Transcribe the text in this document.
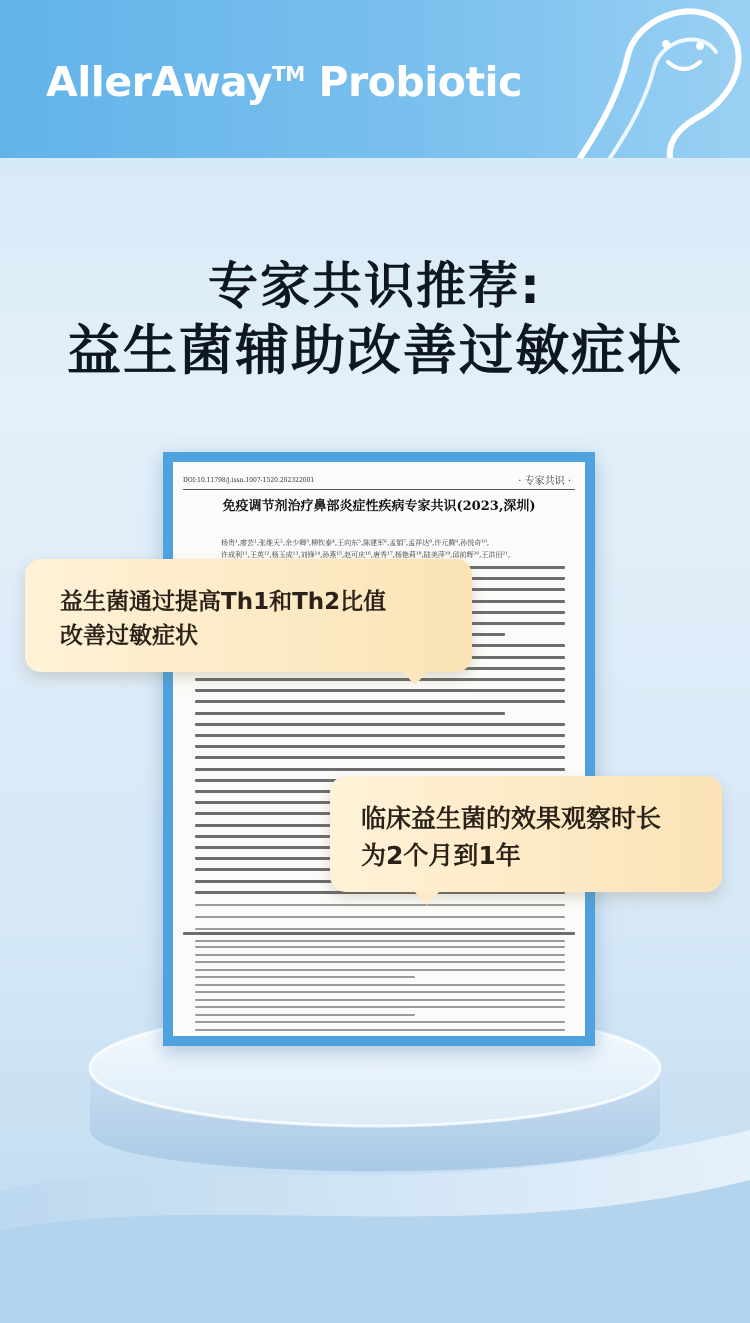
AllerAway™ Probiotic
专家共识推荐:
益生菌辅助改善过敏症状
DOI:10.11798/j.issn.1007-1520.202322001	· 专家共识 ·
免疫调节剂治疗鼻部炎症性疾病专家共识(2023,深圳)
杨贵¹,廖芸¹,张维天²,余少卿³,柳钦泰⁴,王向东⁵,陈建军⁶,孟娟⁷,孟祥达⁸,许元腾⁹,孙悦奇¹⁰,
许成利¹¹,王英¹²,杨玉成¹³,刘锋¹⁴,孙燕¹⁵,赵可庆¹⁶,唐秀¹⁷,杨艳莉¹⁸,陆美萍¹⁹,邱前辉²⁰,王洪田²¹,
益生菌通过提高Th1和Th2比值
改善过敏症状
临床益生菌的效果观察时长
为2个月到1年
